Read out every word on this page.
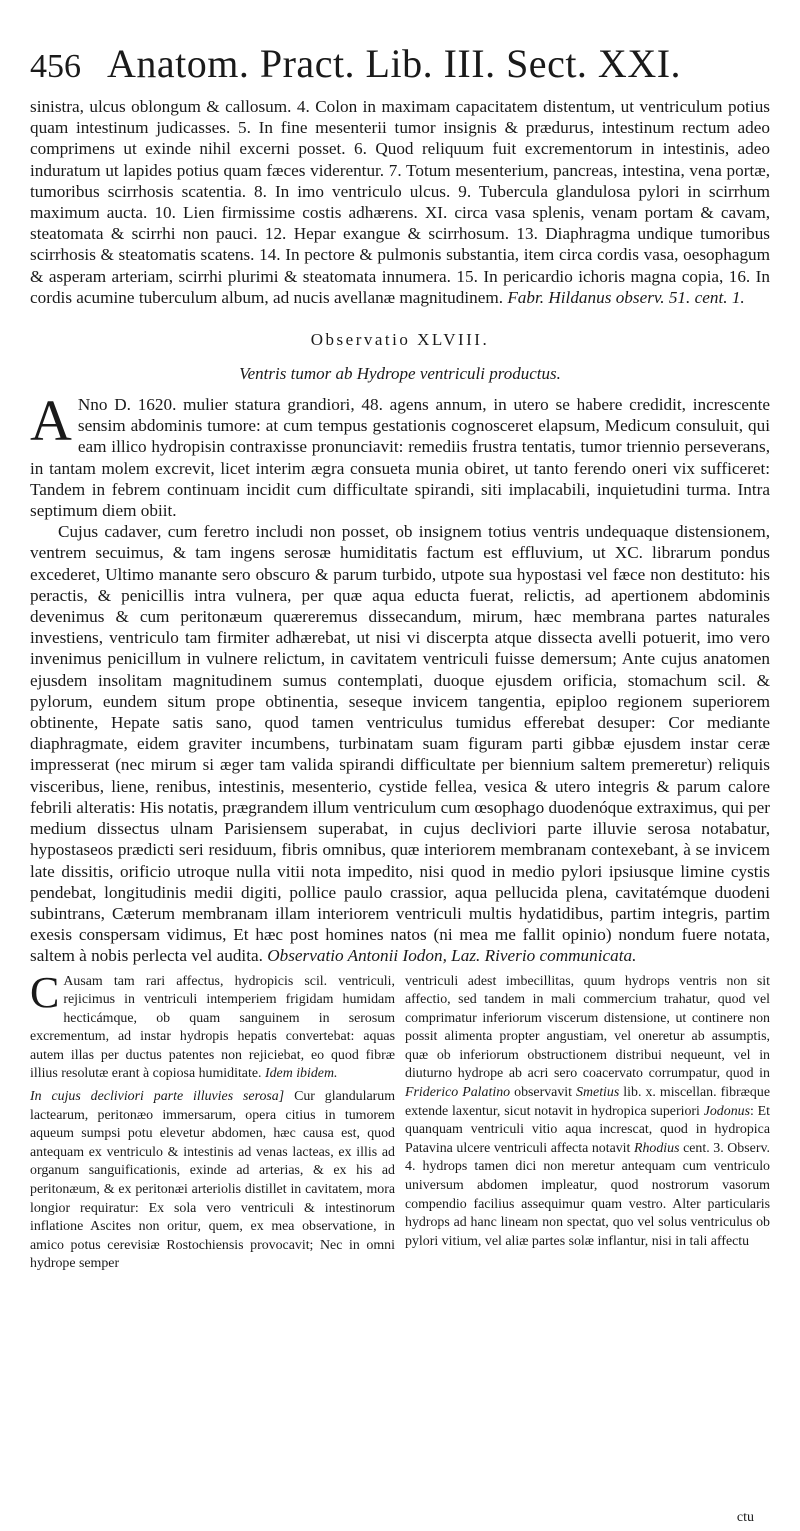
456 Anatom. Pract. Lib. III. Sect. XXI.

sinistra, ulcus oblongum & callosum. 4. Colon in maximam capacitatem distentum, ut ventriculum potius quam intestinum judicasses. 5. In fine mesenterii tumor insignis & prædurus, intestinum rectum adeo comprimens ut exinde nihil excerni posset. 6. Quod reliquum fuit excrementorum in intestinis, adeo induratum ut lapides potius quam fæces viderentur. 7. Totum mesenterium, pancreas, intestina, vena portæ, tumoribus scirrhosis scatentia. 8. In imo ventriculo ulcus. 9. Tubercula glandulosa pylori in scirrhum maximum aucta. 10. Lien firmissime costis adhærens. XI. circa vasa splenis, venam portam & cavam, steatomata & scirrhi non pauci. 12. Hepar exangue & scirrhosum. 13. Diaphragma undique tumoribus scirrhosis & steatomatis scatens. 14. In pectore & pulmonis substantia, item circa cordis vasa, oesophagum & asperam arteriam, scirrhi plurimi & steatomata innumera. 15. In pericardio ichoris magna copia, 16. In cordis acumine tuberculum album, ad nucis avellanæ magnitudinem. Fabr. Hildanus observ. 51. cent. 1.

Observatio XLVIII.
Ventris tumor ab Hydrope ventriculi productus.

A Nno D. 1620. mulier statura grandiori, 48. agens annum, in utero se habere credidit, increscente sensim abdominis tumore: at cum tempus gestationis cognosceret elapsum, Medicum consuluit, qui eam illico hydropisin contraxisse pronunciavit: remediis frustra tentatis, tumor triennio perseverans, in tantam molem excrevit, licet interim ægra consueta munia obiret, ut tanto ferendo oneri vix sufficeret: Tandem in febrem continuam incidit cum difficultate spirandi, siti implacabili, inquietudini turma. Intra septimum diem obiit.

Cujus cadaver, cum feretro includi non posset, ob insignem totius ventris undequaque distensionem, ventrem secuimus, & tam ingens serosæ humiditatis factum est effluvium, ut XC. librarum pondus excederet, Ultimo manante sero obscuro & parum turbido, utpote sua hypostasi vel fæce non destituto: his peractis, & penicillis intra vulnera, per quæ aqua educta fuerat, relictis, ad apertionem abdominis devenimus & cum peritonæum quæreremus dissecandum, mirum, hæc membrana partes naturales investiens, ventriculo tam firmiter adhærebat, ut nisi vi discerpta atque dissecta avelli potuerit, imo vero invenimus penicillum in vulnere relictum, in cavitatem ventriculi fuisse demersum; Ante cujus anatomen ejusdem insolitam magnitudinem sumus contemplati, duoque ejusdem orificia, stomachum scil. & pylorum, eundem situm prope obtinentia, seseque invicem tangentia, epiploo regionem superiorem obtinente, Hepate satis sano, quod tamen ventriculus tumidus efferebat desuper: Cor mediante diaphragmate, eidem graviter incumbens, turbinatam suam figuram parti gibbæ ejusdem instar ceræ impresserat (nec mirum si æger tam valida spirandi difficultate per biennium saltem premeretur) reliquis visceribus, liene, renibus, intestinis, mesenterio, cystide fellea, vesica & utero integris & parum calore febrili alteratis: His notatis, prægrandem illum ventriculum cum œsophago duodenóque extraximus, qui per medium dissectus ulnam Parisiensem superabat, in cujus decliviori parte illuvie serosa notabatur, hypostaseos prædicti seri residuum, fibris omnibus, quæ interiorem membranam contexebant, à se invicem late dissitis, orificio utroque nulla vitii nota impedito, nisi quod in medio pylori ipsiusque limine cystis pendebat, longitudinis medii digiti, pollice paulo crassior, aqua pellucida plena, cavitatémque duodeni subintrans, Cæterum membranam illam interiorem ventriculi multis hydatidibus, partim integris, partim exesis conspersam vidimus, Et hæc post homines natos (ni mea me fallit opinio) nondum fuere notata, saltem à nobis perlecta vel audita. Observatio Antonii Iodon, Laz. Riverio communicata.

C Ausam tam rari affectus, hydropicis scil. ventriculi, rejicimus in ventriculi intemperiem frigidam humidam hecticámque, ob quam sanguinem in serosum excrementum, ad instar hydropis hepatis convertebat: aquas autem illas per ductus patentes non rejiciebat, eo quod fibræ illius resolutæ erant à copiosa humiditate. Idem ibidem.

In cujus decliviori parte illuvies serosa] Cur glandularum lactearum, peritonæo immersarum, opera citius in tumorem aqueum sumpsi potu elevetur abdomen, hæc causa est, quod antequam ex ventriculo & intestinis ad venas lacteas, ex illis ad organum sanguificationis, exinde ad arterias, & ex his ad peritonæum, & ex peritonæi arteriolis distillet in cavitatem, mora longior requiratur: Ex sola vero ventriculi & intestinorum inflatione Ascites non oritur, quem, ex mea observatione, in amico potus cerevisiæ Rostochiensis provocavit; Nec in omni hydrope semper

ventriculi adest imbecillitas, quum hydrops ventris non sit affectio, sed tandem in mali commercium trahatur, quod vel comprimatur inferiorum viscerum distensione, ut continere non possit alimenta propter angustiam, vel oneretur ab assumptis, quæ ob inferiorum obstructionem distribui nequeunt, vel in diuturno hydrope ab acri sero coacervato corrumpatur, quod in Friderico Palatino observavit Smetius lib. x. miscellan. fibræque extende laxentur, sicut notavit in hydropica superiori Jodonus: Et quanquam ventriculi vitio aqua increscat, quod in hydropica Patavina ulcere ventriculi affecta notavit Rhodius cent. 3. Observ. 4. hydrops tamen dici non meretur antequam cum ventriculo universum abdomen impleatur, quod nostrorum vasorum compendio facilius assequimur quam vestro. Alter particularis hydrops ad hanc lineam non spectat, quo vel solus ventriculus ob pylori vitium, vel aliæ partes solæ inflantur, nisi in tali affectu

ctu
